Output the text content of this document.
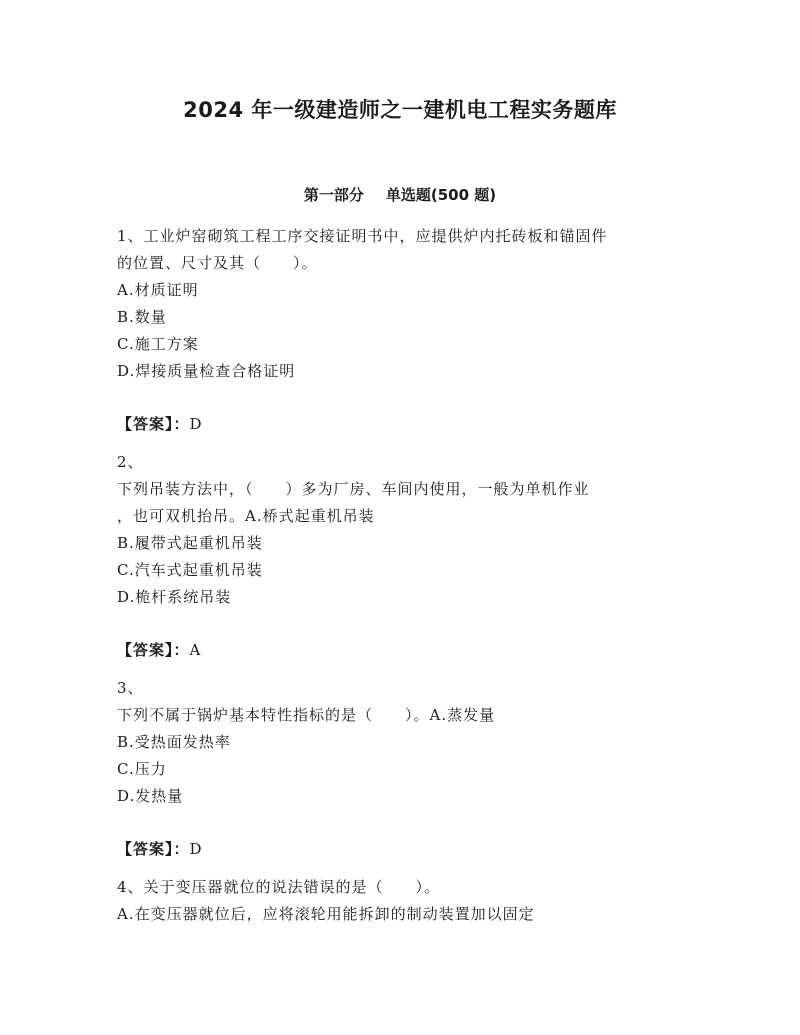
2024 年一级建造师之一建机电工程实务题库
第一部分 单选题(500 题)
1、工业炉窑砌筑工程工序交接证明书中，应提供炉内托砖板和锚固件
的位置、尺寸及其（　　）。
A.材质证明
B.数量
C.施工方案
D.焊接质量检查合格证明
【答案】：D
2、
下列吊装方法中，（　　）多为厂房、车间内使用，一般为单机作业
，也可双机抬吊。A.桥式起重机吊装
B.履带式起重机吊装
C.汽车式起重机吊装
D.桅杆系统吊装
【答案】：A
3、
下列不属于锅炉基本特性指标的是（　　）。A.蒸发量
B.受热面发热率
C.压力
D.发热量
【答案】：D
4、关于变压器就位的说法错误的是（　　）。
A.在变压器就位后，应将滚轮用能拆卸的制动装置加以固定
